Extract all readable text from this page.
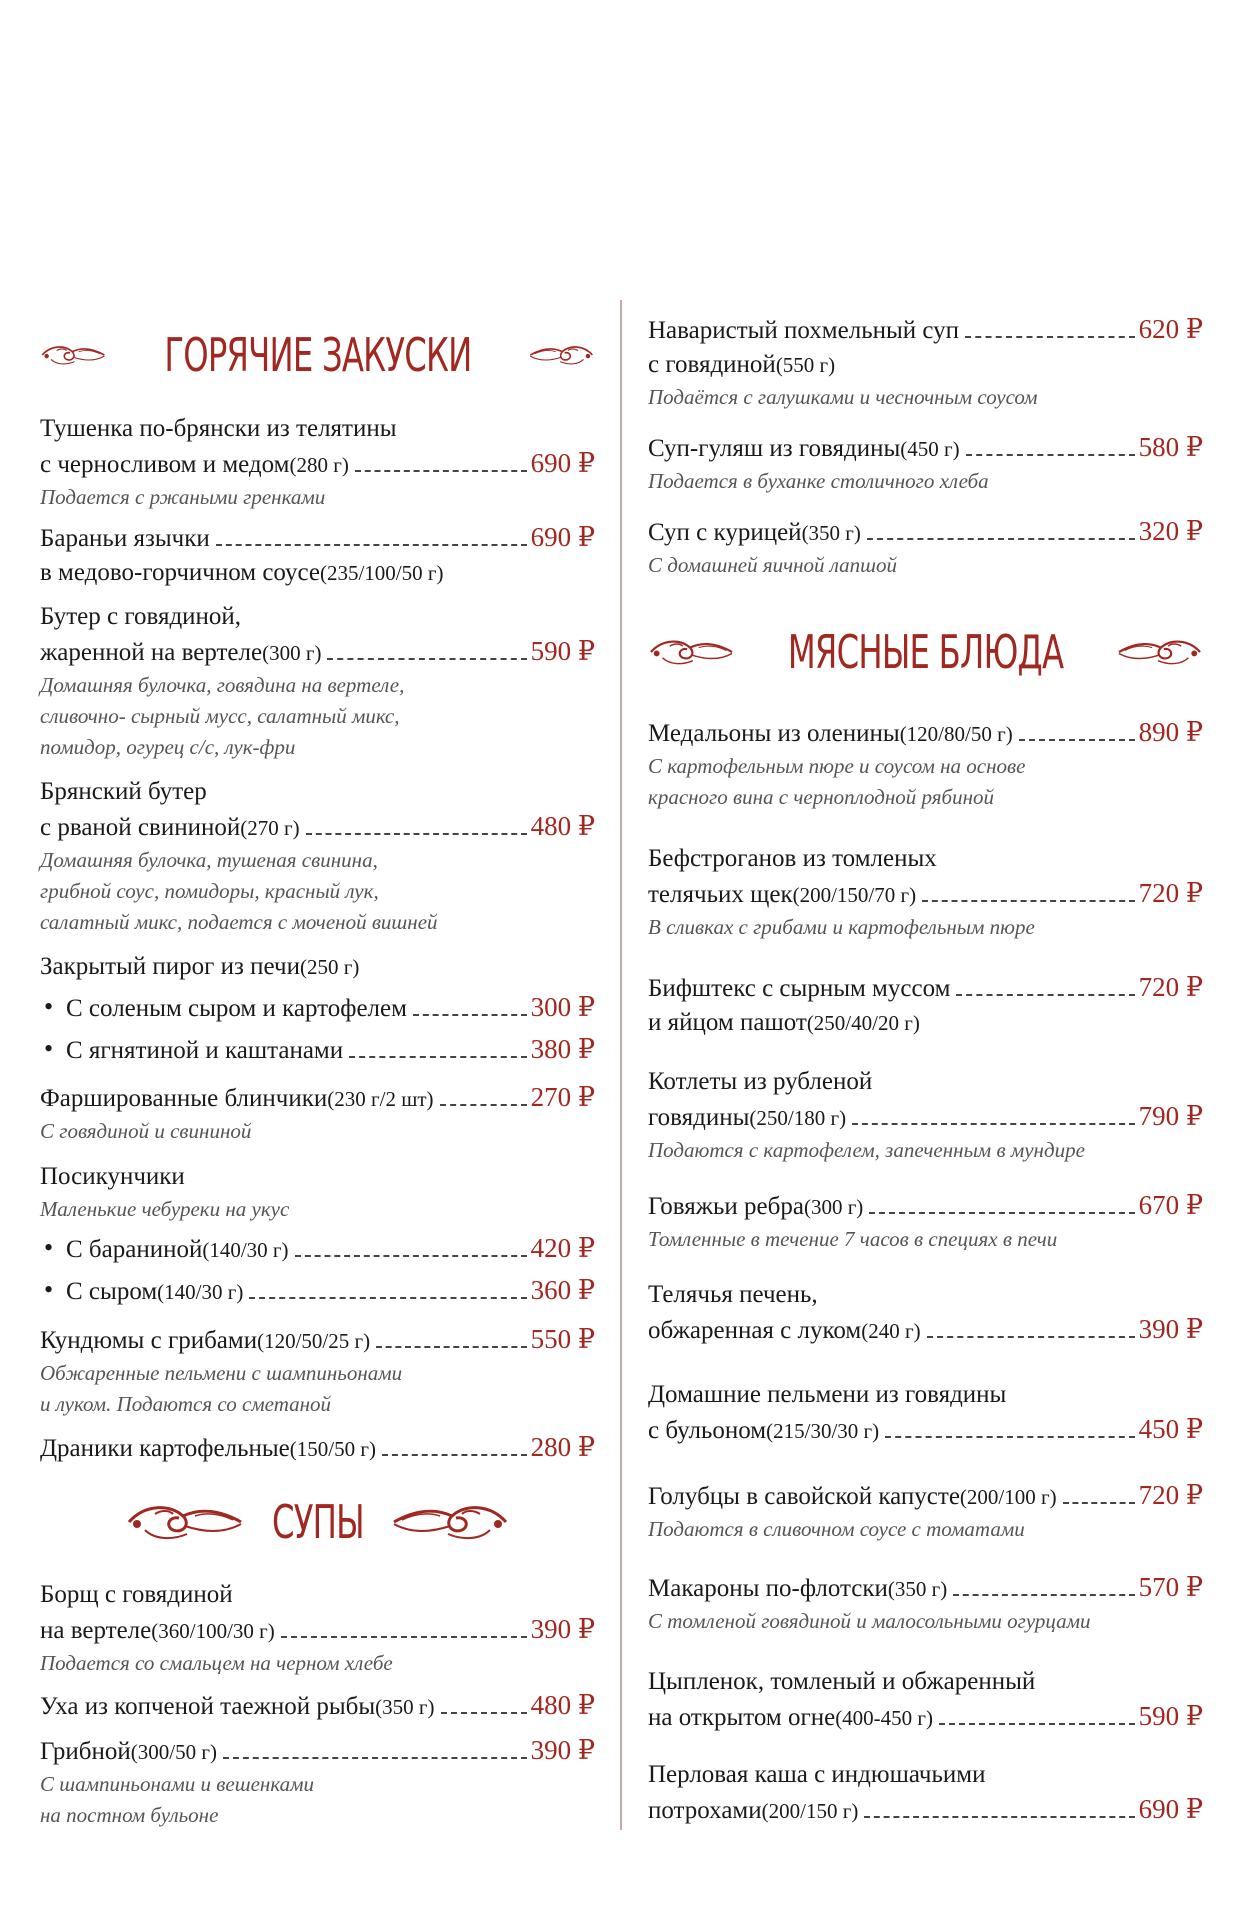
ГОРЯЧИЕ ЗАКУСКИ
Тушенка по-брянски из телятины
с черносливом и медом (280 г)	690 ₽
Подается с ржаными гренками
Бараньи язычки	690 ₽
в медово-горчичном соусе (235/100/50 г)
Бутер с говядиной,
жаренной на вертеле (300 г)	590 ₽
Домашняя булочка, говядина на вертеле,
сливочно- сырный мусс, салатный микс,
помидор, огурец с/с, лук-фри
Брянский бутер
с рваной свининой (270 г)	480 ₽
Домашняя булочка, тушеная свинина,
грибной соус, помидоры, красный лук,
салатный микс, подается с моченой вишней
Закрытый пирог из печи (250 г)
• С соленым сыром и картофелем	300 ₽
• С ягнятиной и каштанами	380 ₽
Фаршированные блинчики (230 г/2 шт)	270 ₽
С говядиной и свининой
Посикунчики
Маленькие чебуреки на укус
• С бараниной (140/30 г)	420 ₽
• С сыром (140/30 г)	360 ₽
Кундюмы с грибами (120/50/25 г)	550 ₽
Обжаренные пельмени с шампиньонами
и луком. Подаются со сметаной
Драники картофельные (150/50 г)	280 ₽
СУПЫ
Борщ с говядиной
на вертеле (360/100/30 г)	390 ₽
Подается со смальцем на черном хлебе
Уха из копченой таежной рыбы (350 г)	480 ₽
Грибной (300/50 г)	390 ₽
С шампиньонами и вешенками
на постном бульоне
Наваристый похмельный суп	620 ₽
с говядиной (550 г)
Подаётся с галушками и чесночным соусом
Суп-гуляш из говядины (450 г)	580 ₽
Подается в буханке столичного хлеба
Суп с курицей (350 г)	320 ₽
С домашней яичной лапшой
МЯСНЫЕ БЛЮДА
Медальоны из оленины (120/80/50 г)	890 ₽
С картофельным пюре и соусом на основе
красного вина с черноплодной рябиной
Бефстроганов из томленых
телячьих щек (200/150/70 г)	720 ₽
В сливках с грибами и картофельным пюре
Бифштекс с сырным муссом	720 ₽
и яйцом пашот (250/40/20 г)
Котлеты из рубленой
говядины (250/180 г)	790 ₽
Подаются с картофелем, запеченным в мундире
Говяжьи ребра (300 г)	670 ₽
Томленные в течение 7 часов в специях в печи
Телячья печень,
обжаренная с луком (240 г)	390 ₽
Домашние пельмени из говядины
с бульоном (215/30/30 г)	450 ₽
Голубцы в савойской капусте (200/100 г)	720 ₽
Подаются в сливочном соусе с томатами
Макароны по-флотски (350 г)	570 ₽
С томленой говядиной и малосольными огурцами
Цыпленок, томленый и обжаренный
на открытом огне (400-450 г)	590 ₽
Перловая каша с индюшачьими
потрохами (200/150 г)	690 ₽
